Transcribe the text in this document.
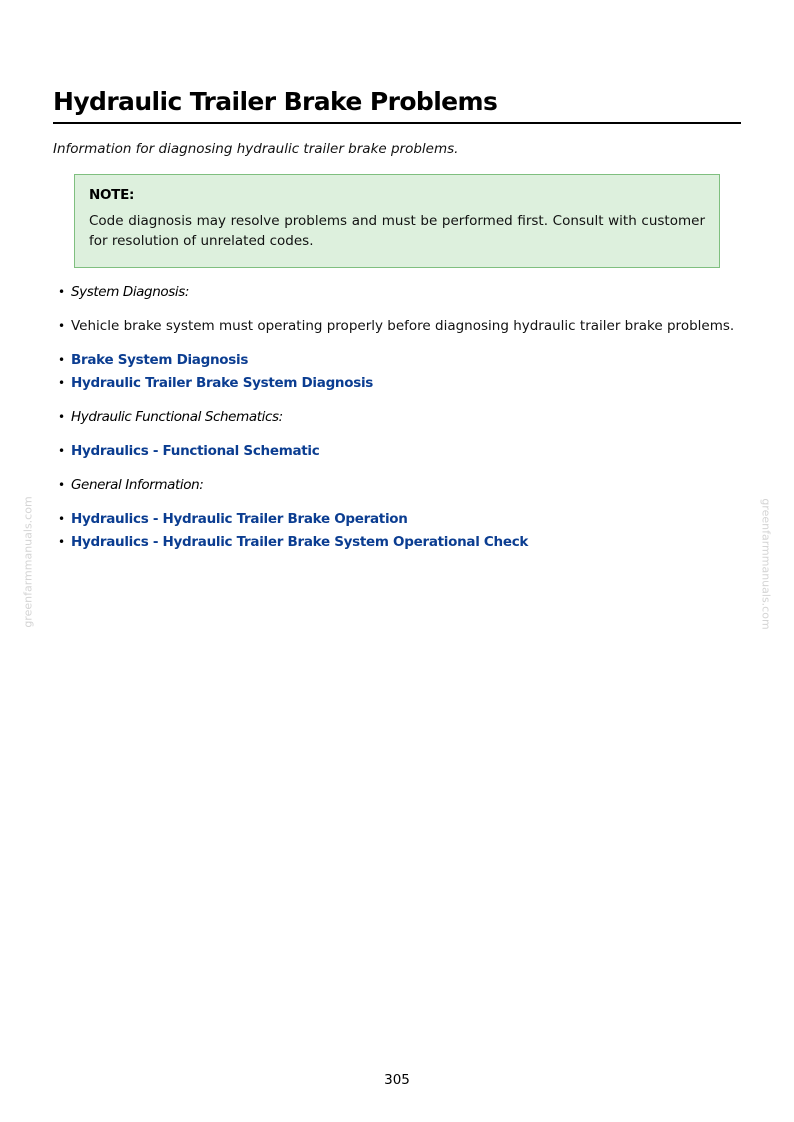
Hydraulic Trailer Brake Problems

Information for diagnosing hydraulic trailer brake problems.

NOTE:

Code diagnosis may resolve problems and must be performed first. Consult with customer for resolution of unrelated codes.

• System Diagnosis:
• Vehicle brake system must operating properly before diagnosing hydraulic trailer brake problems.
• Brake System Diagnosis
• Hydraulic Trailer Brake System Diagnosis
• Hydraulic Functional Schematics:
• Hydraulics - Functional Schematic
• General Information:
• Hydraulics - Hydraulic Trailer Brake Operation
• Hydraulics - Hydraulic Trailer Brake System Operational Check
greenfarmmanuals.com	greenfarmmanuals.com
305
